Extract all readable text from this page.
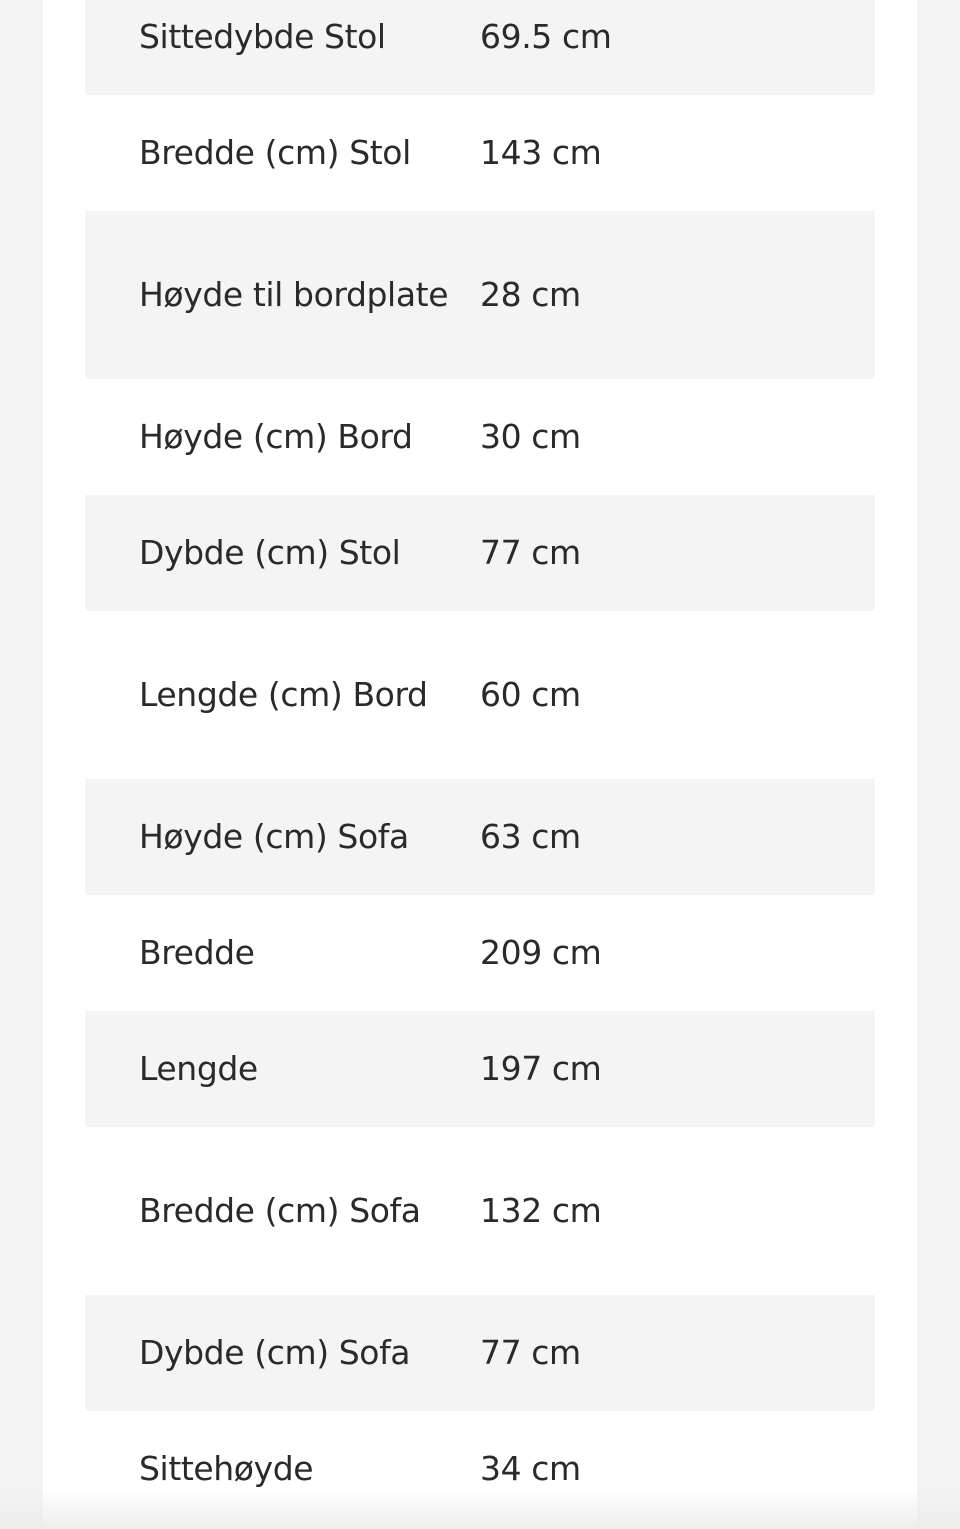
Sittedybde Stol	69.5 cm
Bredde (cm) Stol	143 cm
Høyde til bordplate	28 cm
Høyde (cm) Bord	30 cm
Dybde (cm) Stol	77 cm
Lengde (cm) Bord	60 cm
Høyde (cm) Sofa	63 cm
Bredde	209 cm
Lengde	197 cm
Bredde (cm) Sofa	132 cm
Dybde (cm) Sofa	77 cm
Sittehøyde	34 cm
